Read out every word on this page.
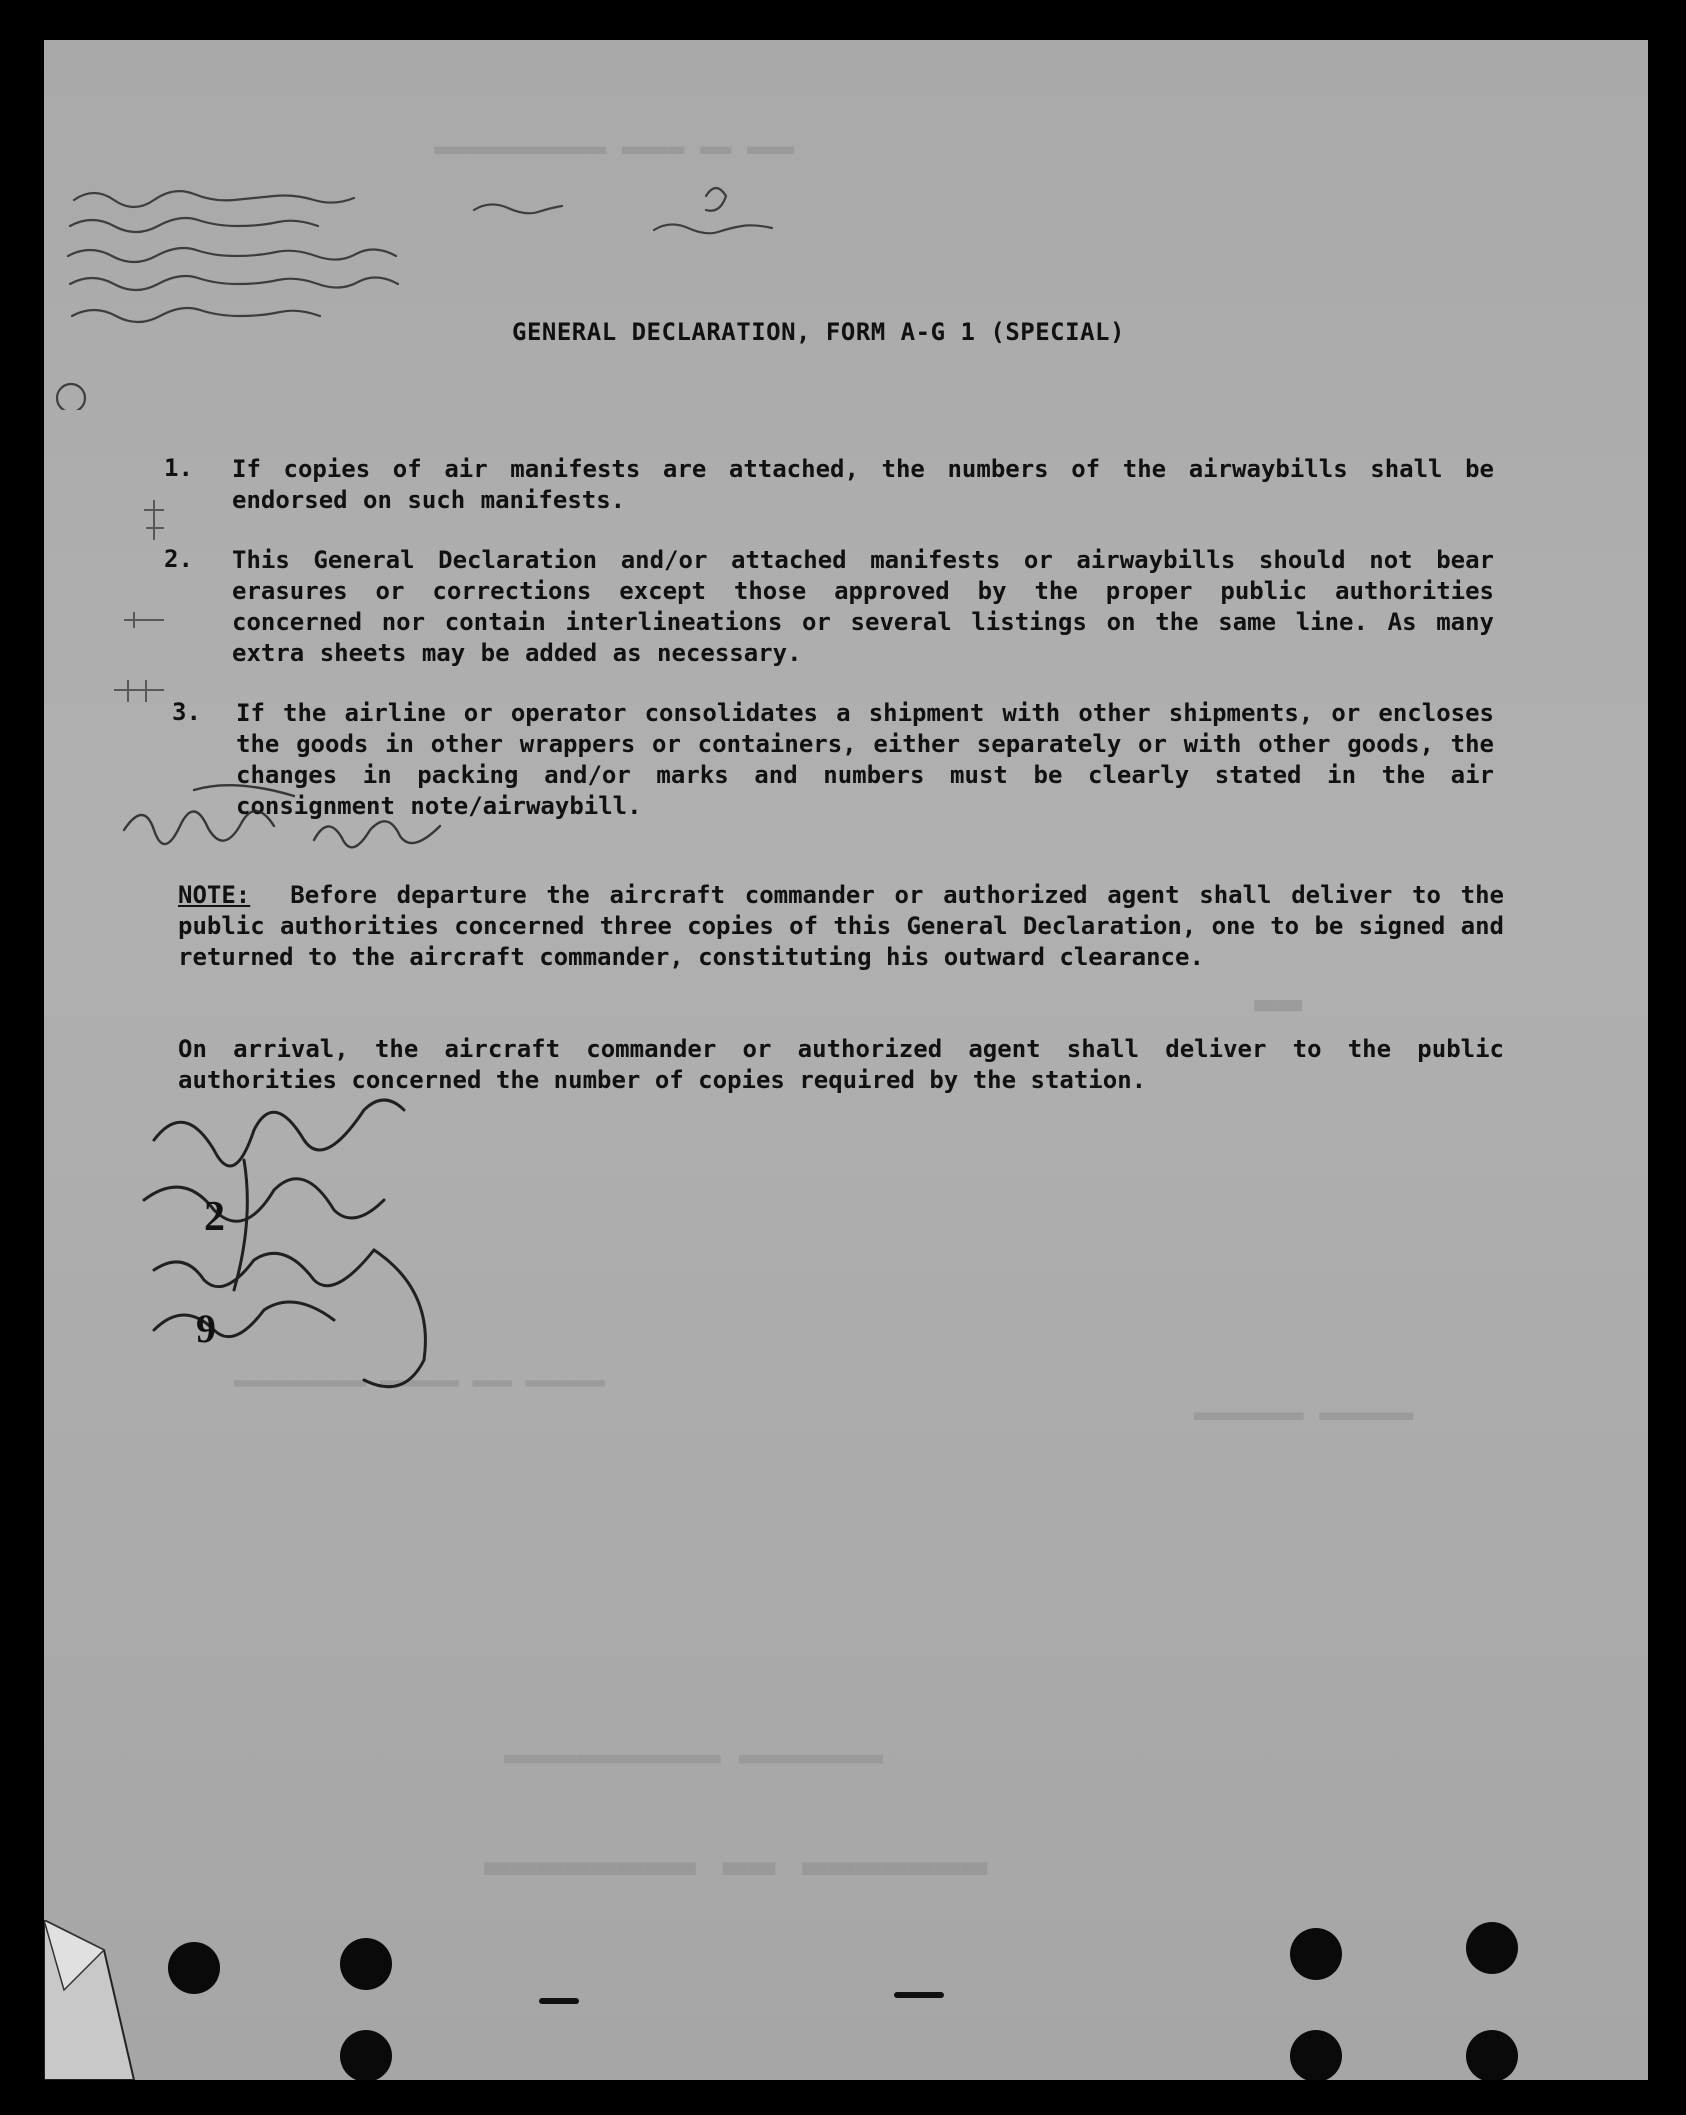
▬▬▬ ▬▬ ▬▬▬▬ ▬▬▬▬▬▬▬▬▬▬▬
▬▬
▬▬▬▬▬▬ ▬▬▬ ▬▬▬▬▬▬ ▬▬▬▬▬▬▬▬▬▬
▬▬▬▬▬▬▬▬ ▬▬▬▬▬▬▬▬▬▬▬▬
▬▬▬▬▬▬▬ ▬▬ ▬▬▬▬▬▬▬▬
▬▬▬▬▬▬ ▬▬▬▬▬▬▬
GENERAL DECLARATION, FORM A-G 1 (SPECIAL)
1. If copies of air manifests are attached, the numbers of the airwaybills shall be endorsed on such manifests.
2. This General Declaration and/or attached manifests or airwaybills should not bear erasures or corrections except those approved by the proper public authorities concerned nor contain interlineations or several listings on the same line. As many extra sheets may be added as necessary.
3. If the airline or operator consolidates a shipment with other shipments, or encloses the goods in other wrappers or containers, either separately or with other goods, the changes in packing and/or marks and numbers must be clearly stated in the air consignment note/airwaybill.
NOTE: Before departure the aircraft commander or authorized agent shall deliver to the public authorities concerned three copies of this General Declaration, one to be signed and returned to the aircraft commander, constituting his outward clearance.
On arrival, the aircraft commander or authorized agent shall deliver to the public authorities concerned the number of copies required by the station.
2
9
